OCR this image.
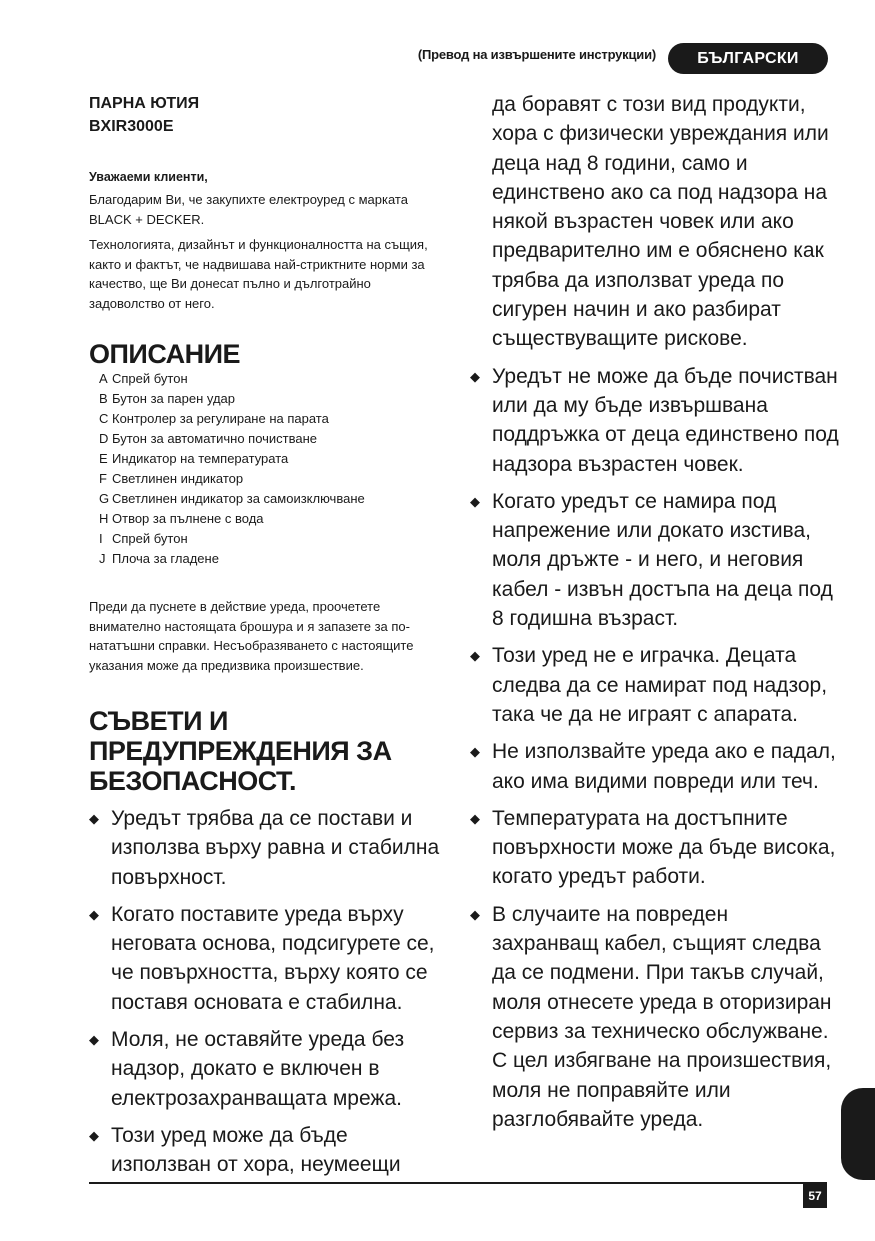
(Превод на извършените инструкции)	БЪЛГАРСКИ
ПАРНА ЮТИЯ
BXIR3000E
Уважаеми клиенти,
Благодарим Ви, че закупихте електроуред с марката BLACK + DECKER.
Технологията, дизайнът и функционалността на същия, както и фактът, че надвишава най-стриктните норми за качество, ще Ви донесат пълно и дълготрайно задоволство от него.
ОПИСАНИЕ
A Спрей бутон
B Бутон за парен удар
C Контролер за регулиране на парата
D Бутон за автоматично почистване
E Индикатор на температурата
F Светлинен индикатор
G Светлинен индикатор за самоизключване
H Отвор за пълнене с вода
I Спрей бутон
J Плоча за гладене
Преди да пуснете в действие уреда, проочетете внимателно настоящата брошура и я запазете за по-нататъшни справки. Несъобразяването с настоящите указания може да предизвика произшествие.
СЪВЕТИ И ПРЕДУПРЕЖДЕНИЯ ЗА БЕЗОПАСНОСТ.
◆ Уредът трябва да се постави и използва върху равна и стабилна повърхност.
◆ Когато поставите уреда върху неговата основа, подсигурете се, че повърхността, върху която се поставя основата е стабилна.
◆ Моля, не оставяйте уреда без надзор, докато е включен в електрозахранващата мрежа.
◆ Този уред може да бъде използван от хора, неумеещи
да боравят с този вид продукти, хора с физически увреждания или деца над 8 години, само и единствено ако са под надзора на някой възрастен човек или ако предварително им е обяснено как трябва да използват уреда по сигурен начин и ако разбират съществуващите рискове.
◆ Уредът не може да бъде почистван или да му бъде извършвана поддръжка от деца единствено под надзора възрастен човек.
◆ Когато уредът се намира под напрежение или докато изстива, моля дръжте - и него, и неговия кабел - извън достъпа на деца под 8 годишна възраст.
◆ Този уред не е играчка. Децата следва да се намират под надзор, така че да не играят с апарата.
◆ Не използвайте уреда ако е падал, ако има видими повреди или теч.
◆ Температурата на достъпните повърхности може да бъде висока, когато уредът работи.
◆ В случаите на повреден захранващ кабел, същият следва да се подмени. При такъв случай, моля отнесете уреда в оторизиран сервиз за техническо обслужване. С цел избягване на произшествия, моля не поправяйте или разглобявайте уреда.
57
